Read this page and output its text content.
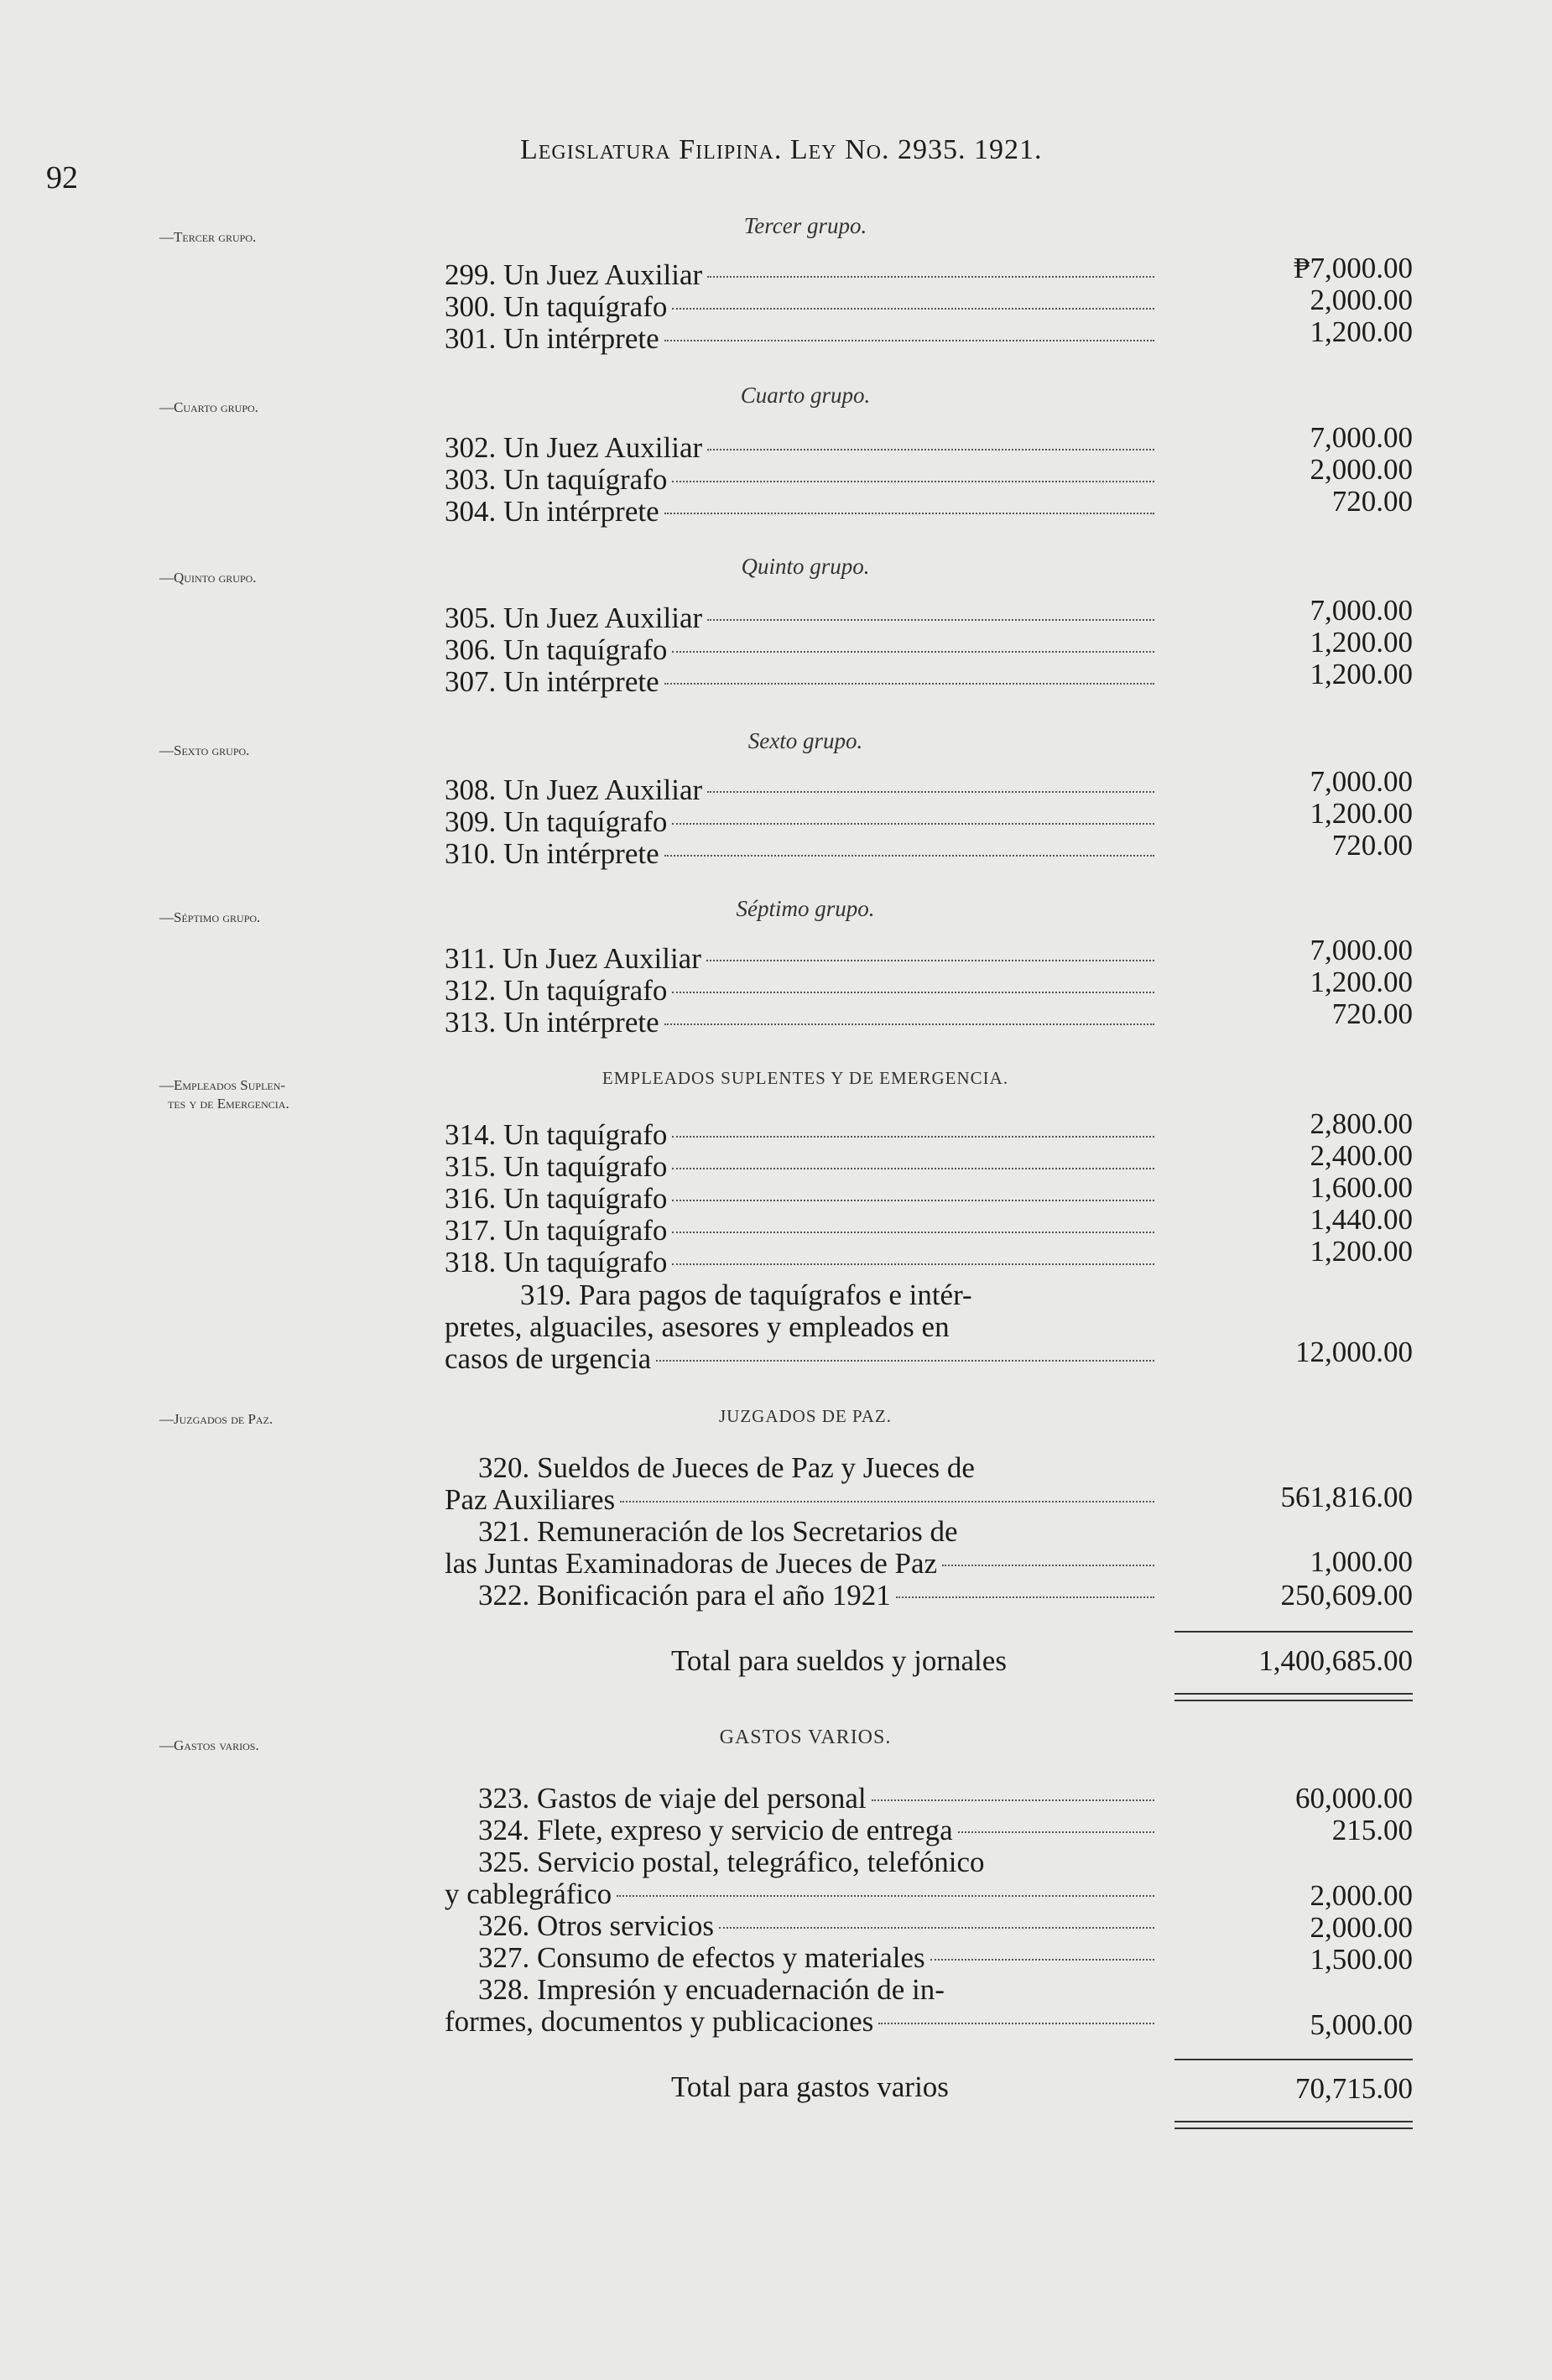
92
Legislatura Filipina. Ley No. 2935. 1921.
—Tercer grupo.
—Cuarto grupo.
—Quinto grupo.
—Sexto grupo.
—Séptimo grupo.
—Empleados Suplen-
tes y de Emergencia.
—Juzgados de Paz.
—Gastos varios.
Tercer grupo.
299. Un Juez Auxiliar	₱7,000.00
300. Un taquígrafo	2,000.00
301. Un intérprete	1,200.00
Cuarto grupo.
302. Un Juez Auxiliar	7,000.00
303. Un taquígrafo	2,000.00
304. Un intérprete	720.00
Quinto grupo.
305. Un Juez Auxiliar	7,000.00
306. Un taquígrafo	1,200.00
307. Un intérprete	1,200.00
Sexto grupo.
308. Un Juez Auxiliar	7,000.00
309. Un taquígrafo	1,200.00
310. Un intérprete	720.00
Séptimo grupo.
311. Un Juez Auxiliar	7,000.00
312. Un taquígrafo	1,200.00
313. Un intérprete	720.00
EMPLEADOS SUPLENTES Y DE EMERGENCIA.
314. Un taquígrafo	2,800.00
315. Un taquígrafo	2,400.00
316. Un taquígrafo	1,600.00
317. Un taquígrafo	1,440.00
318. Un taquígrafo	1,200.00
319. Para pagos de taquígrafos e intér-
pretes, alguaciles, asesores y empleados en
casos de urgencia	12,000.00
JUZGADOS DE PAZ.
320. Sueldos de Jueces de Paz y Jueces de
Paz Auxiliares	561,816.00
321. Remuneración de los Secretarios de
las Juntas Examinadoras de Jueces de Paz	1,000.00
322. Bonificación para el año 1921	250,609.00
Total para sueldos y jornales	1,400,685.00
GASTOS VARIOS.
323. Gastos de viaje del personal	60,000.00
324. Flete, expreso y servicio de entrega	215.00
325. Servicio postal, telegráfico, telefónico
y cablegráfico	2,000.00
326. Otros servicios	2,000.00
327. Consumo de efectos y materiales	1,500.00
328. Impresión y encuadernación de in-
formes, documentos y publicaciones	5,000.00
Total para gastos varios	70,715.00
